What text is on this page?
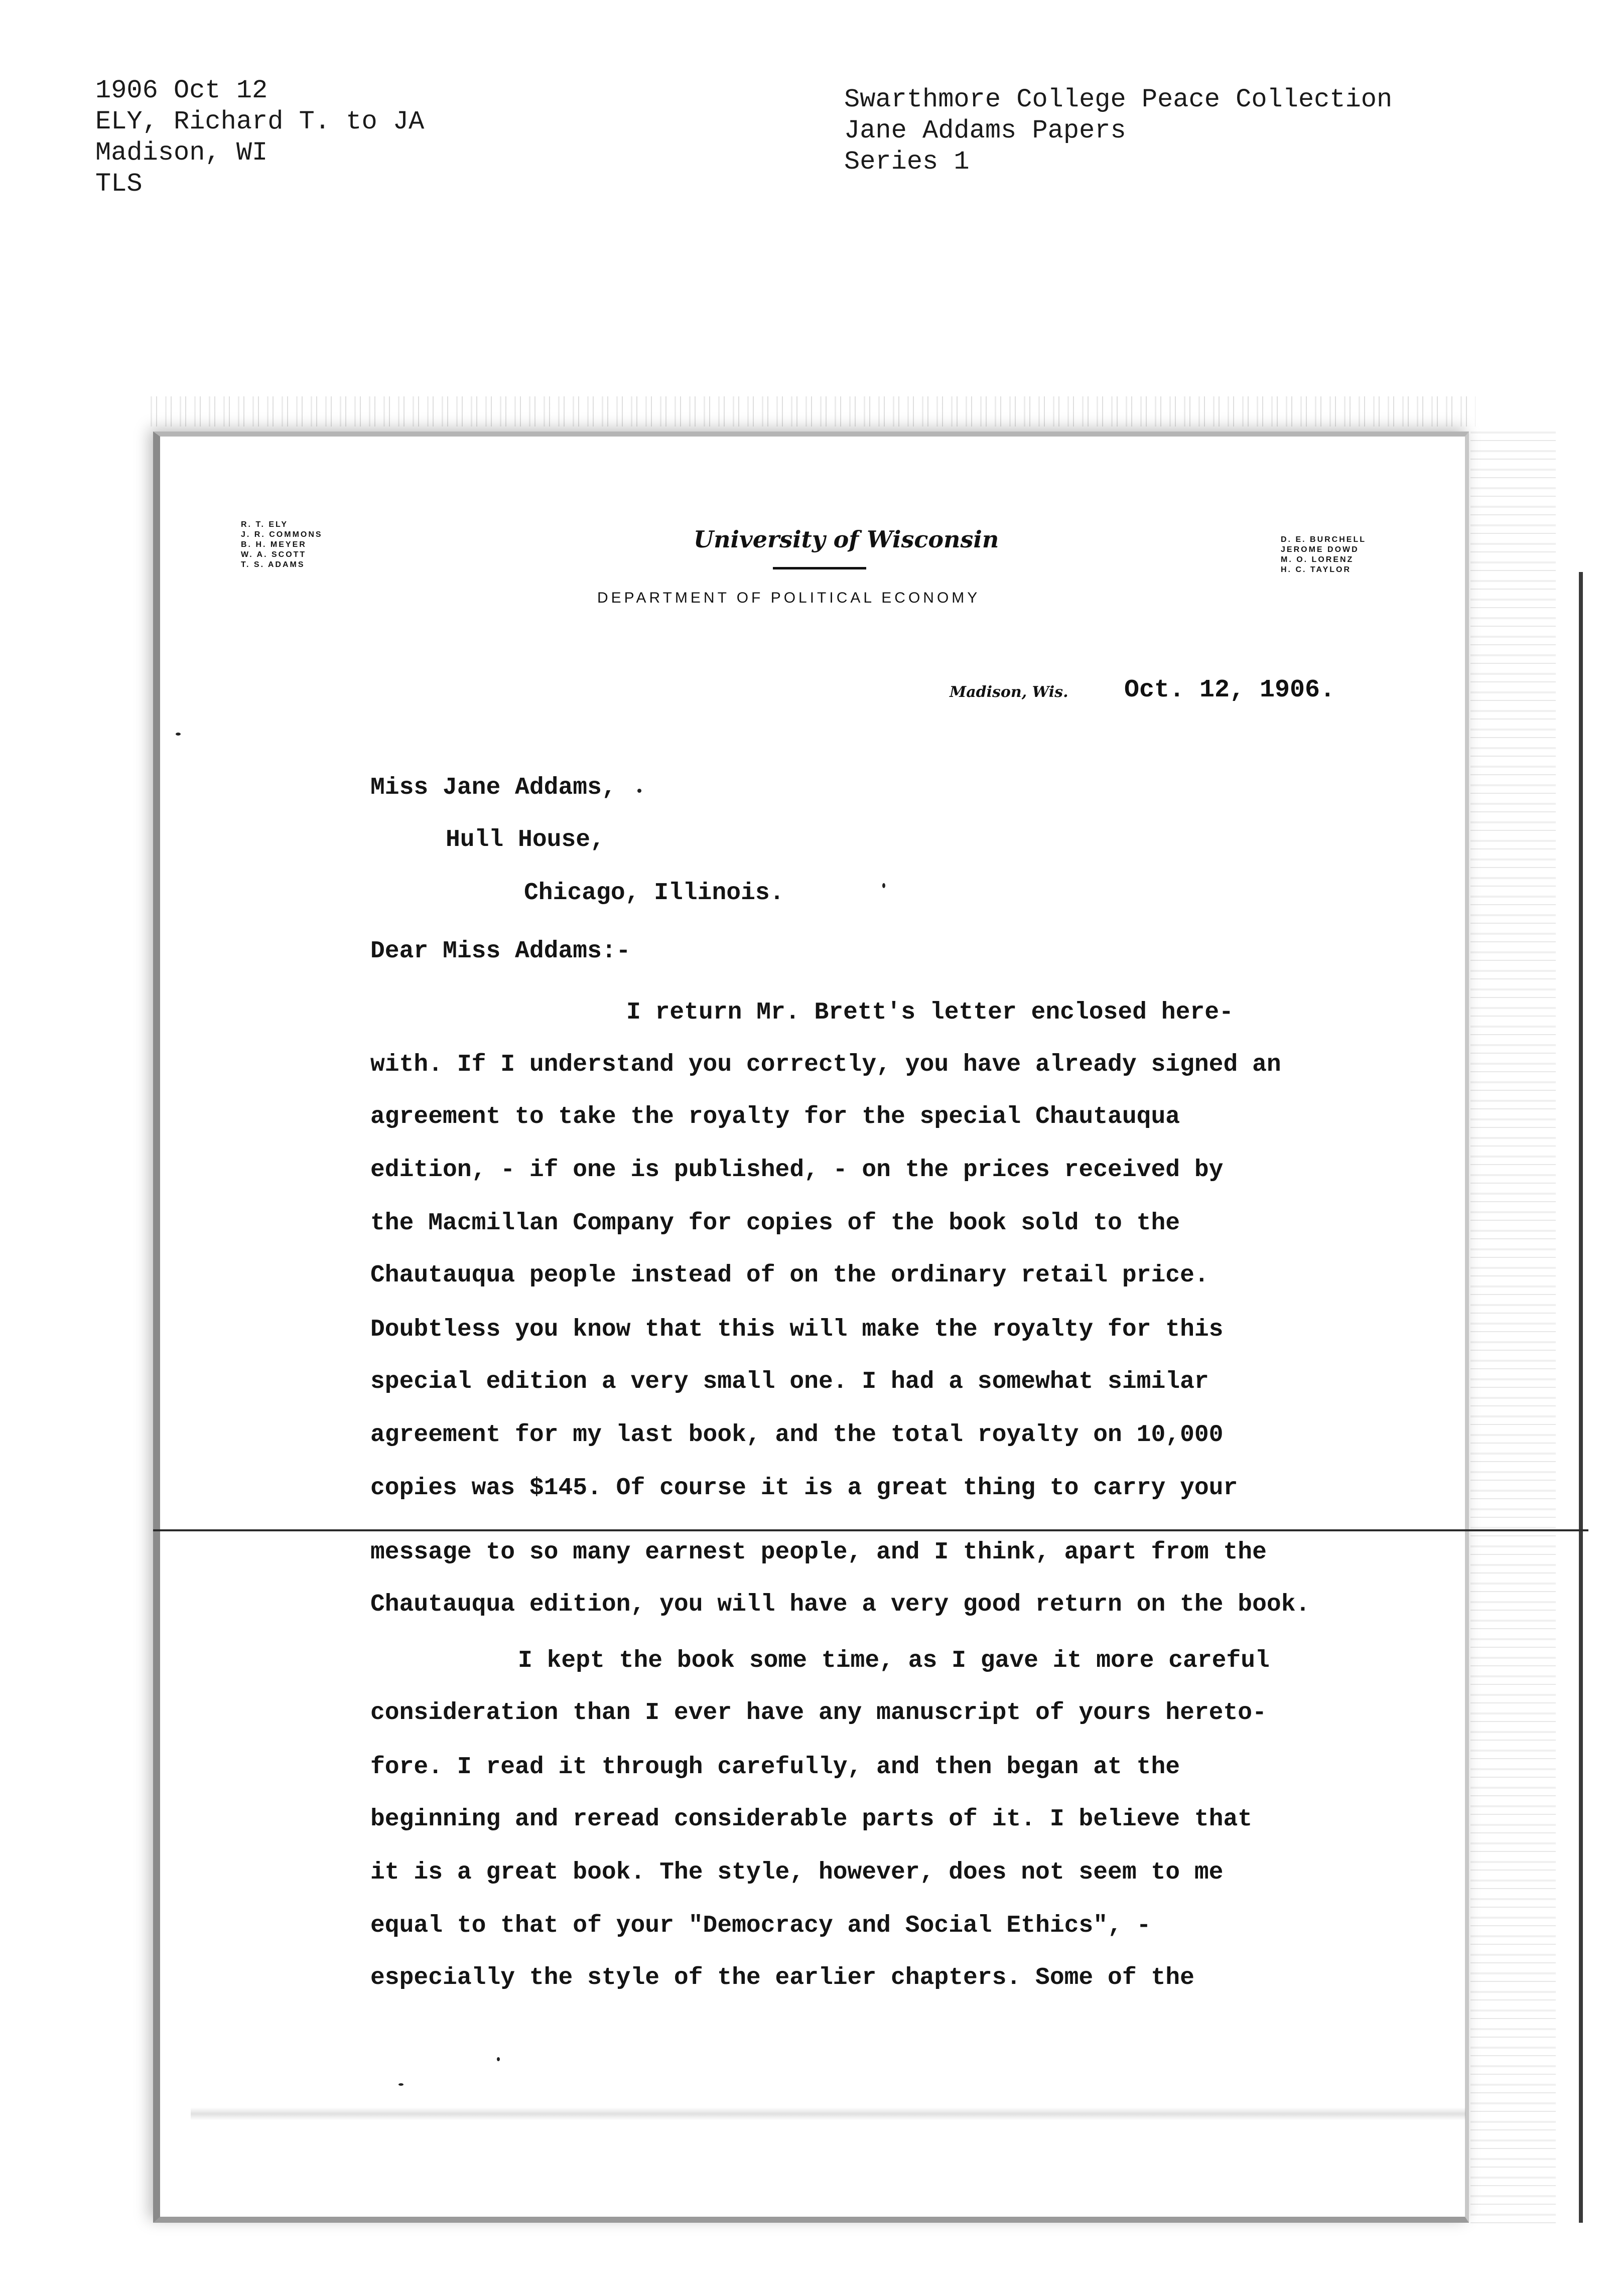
1906 Oct 12
ELY, Richard T. to JA
Madison, WI
TLS
Swarthmore College Peace Collection
Jane Addams Papers
Series 1
R. T. ELY
J. R. COMMONS
B. H. MEYER
W. A. SCOTT
T. S. ADAMS
University of Wisconsin
DEPARTMENT OF POLITICAL ECONOMY
D. E. BURCHELL
JEROME DOWD
M. O. LORENZ
H. C. TAYLOR
Madison, Wis. Oct. 12, 1906.
Miss Jane Addams,
Hull House,
Chicago, Illinois.
Dear Miss Addams:-
I return Mr. Brett's letter enclosed here-
with. If I understand you correctly, you have already signed an
agreement to take the royalty for the special Chautauqua
edition, - if one is published, - on the prices received by
the Macmillan Company for copies of the book sold to the
Chautauqua people instead of on the ordinary retail price.
Doubtless you know that this will make the royalty for this
special edition a very small one. I had a somewhat similar
agreement for my last book, and the total royalty on 10,000
copies was $145. Of course it is a great thing to carry your
message to so many earnest people, and I think, apart from the
Chautauqua edition, you will have a very good return on the book.
I kept the book some time, as I gave it more careful
consideration than I ever have any manuscript of yours hereto-
fore. I read it through carefully, and then began at the
beginning and reread considerable parts of it. I believe that
it is a great book. The style, however, does not seem to me
equal to that of your "Democracy and Social Ethics", -
especially the style of the earlier chapters. Some of the
